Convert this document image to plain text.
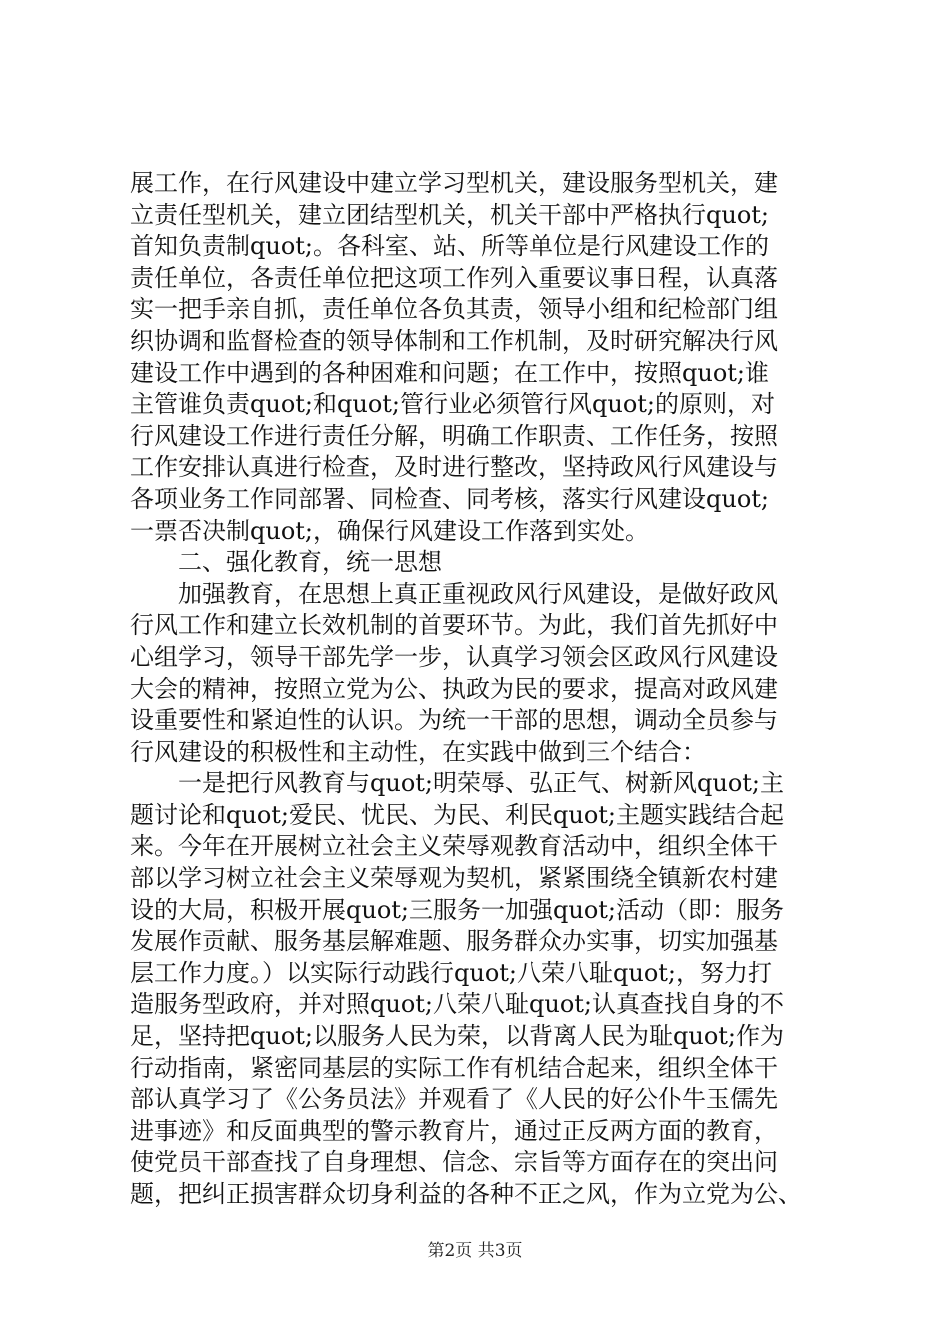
展工作，在行风建设中建立学习型机关，建设服务型机关，建
立责任型机关，建立团结型机关，机关干部中严格执行quot;
首知负责制quot;。各科室、站、所等单位是行风建设工作的
责任单位，各责任单位把这项工作列入重要议事日程，认真落
实一把手亲自抓，责任单位各负其责，领导小组和纪检部门组
织协调和监督检查的领导体制和工作机制，及时研究解决行风
建设工作中遇到的各种困难和问题；在工作中，按照quot;谁
主管谁负责quot;和quot;管行业必须管行风quot;的原则，对
行风建设工作进行责任分解，明确工作职责、工作任务，按照
工作安排认真进行检查，及时进行整改，坚持政风行风建设与
各项业务工作同部署、同检查、同考核，落实行风建设quot;
一票否决制quot;，确保行风建设工作落到实处。
　　二、强化教育，统一思想
　　加强教育，在思想上真正重视政风行风建设，是做好政风
行风工作和建立长效机制的首要环节。为此，我们首先抓好中
心组学习，领导干部先学一步，认真学习领会区政风行风建设
大会的精神，按照立党为公、执政为民的要求，提高对政风建
设重要性和紧迫性的认识。为统一干部的思想，调动全员参与
行风建设的积极性和主动性，在实践中做到三个结合：
　　一是把行风教育与quot;明荣辱、弘正气、树新风quot;主
题讨论和quot;爱民、忧民、为民、利民quot;主题实践结合起
来。今年在开展树立社会主义荣辱观教育活动中，组织全体干
部以学习树立社会主义荣辱观为契机，紧紧围绕全镇新农村建
设的大局，积极开展quot;三服务一加强quot;活动（即：服务
发展作贡献、服务基层解难题、服务群众办实事，切实加强基
层工作力度。）以实际行动践行quot;八荣八耻quot;，努力打
造服务型政府，并对照quot;八荣八耻quot;认真查找自身的不
足，坚持把quot;以服务人民为荣，以背离人民为耻quot;作为
行动指南，紧密同基层的实际工作有机结合起来，组织全体干
部认真学习了《公务员法》并观看了《人民的好公仆牛玉儒先
进事迹》和反面典型的警示教育片，通过正反两方面的教育，
使党员干部查找了自身理想、信念、宗旨等方面存在的突出问
题，把纠正损害群众切身利益的各种不正之风，作为立党为公、
第2页 共3页
